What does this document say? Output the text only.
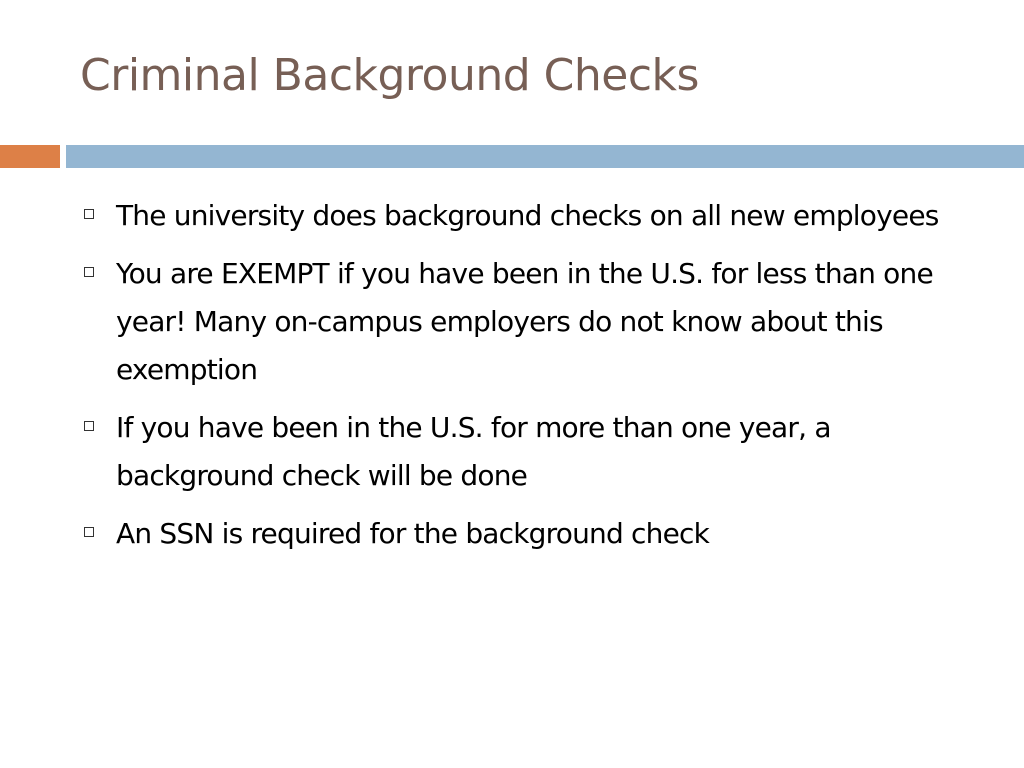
Criminal Background Checks
The university does background checks on all new employees
You are EXEMPT if you have been in the U.S. for less than one year! Many on-campus employers do not know about this exemption
If you have been in the U.S. for more than one year, a background check will be done
An SSN is required for the background check
